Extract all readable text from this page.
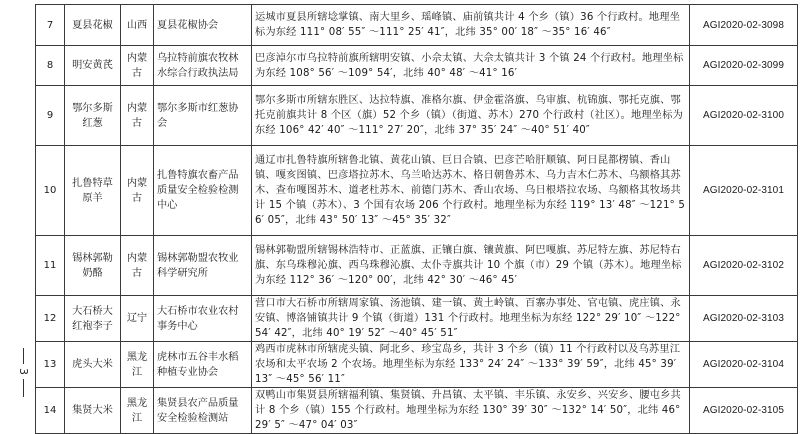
7	夏县花椒	山西	夏县花椒协会	运城市夏县所辖埝掌镇、南大里乡、瑶峰镇、庙前镇共计 4 个乡（镇）36 个行政村。地理坐标为东经 111° 08′ 55″ ～111° 25′ 41″，北纬 35° 00′ 18″ ～35° 16′ 46″	AGI2020-02-3098
8	明安黄芪	内蒙古	乌拉特前旗农牧林水综合行政执法局	巴彦淖尔市乌拉特前旗所辖明安镇、小佘太镇、大佘太镇共计 3 个镇 24 个行政村。地理坐标为东经 108° 56′ ～109° 54′，北纬 40° 48′ ～41° 16′	AGI2020-02-3099
9	鄂尔多斯红葱	内蒙古	鄂尔多斯市红葱协会	鄂尔多斯市所辖东胜区、达拉特旗、准格尔旗、伊金霍洛旗、乌审旗、杭锦旗、鄂托克旗、鄂托克前旗共计 8 个区（旗）52 个乡（镇）（街道、苏木）270 个行政村（社区）。地理坐标为东经 106° 42′ 40″ ～111° 27′ 20″，北纬 37° 35′ 24″ ～40° 51′ 40″	AGI2020-02-3100
10	扎鲁特草原羊	内蒙古	扎鲁特旗农畜产品质量安全检验检测中心	通辽市扎鲁特旗所辖鲁北镇、黄花山镇、巨日合镇、巴彦芒哈肝顺镇、阿日昆都楞镇、香山镇、嘎亥图镇、巴彦塔拉苏木、乌兰哈达苏木、格日朝鲁苏木、乌力吉木仁苏木、乌额格其苏木、查布嘎图苏木、道老杜苏木、前德门苏木、香山农场、乌日根塔拉农场、乌额格其牧场共计 15 个镇（苏木）、3 个国有农场 206 个行政村。地理坐标为东经 119° 13′ 48″ ～121° 56′ 05″，北纬 43° 50′ 13″ ～45° 35′ 32″	AGI2020-02-3101
11	锡林郭勒奶酪	内蒙古	锡林郭勒盟农牧业科学研究所	锡林郭勒盟所辖锡林浩特市、正蓝旗、正镶白旗、镶黄旗、阿巴嘎旗、苏尼特左旗、苏尼特右旗、东乌珠穆沁旗、西乌珠穆沁旗、太仆寺旗共计 10 个旗（市）29 个镇（苏木）。地理坐标为东经 112° 36′ ～120° 00′，北纬 42° 30′ ～46° 45′	AGI2020-02-3102
12	大石桥大红袍李子	辽宁	大石桥市农业农村事务中心	营口市大石桥市所辖周家镇、汤池镇、建一镇、黄土岭镇、百寨办事处、官屯镇、虎庄镇、永安镇、博洛铺镇共计 9 个镇（街道）131 个行政村。地理坐标为东经 122° 29′ 10″ ～122° 54′ 42″，北纬 40° 19′ 52″ ～40° 45′ 51″	AGI2020-02-3103
13	虎头大米	黑龙江	虎林市五谷丰水稻种植专业协会	鸡西市虎林市所辖虎头镇、阿北乡、珍宝岛乡，共计 3 个乡（镇）11 个行政村以及乌苏里江农场和太平农场 2 个农场。地理坐标为东经 133° 24′ 24″ ～133° 39′ 59″，北纬 45° 39′ 13″ ～45° 56′ 11″	AGI2020-02-3104
14	集贤大米	黑龙江	集贤县农产品质量安全检验检测站	双鸭山市集贤县所辖福利镇、集贤镇、升昌镇、太平镇、丰乐镇、永安乡、兴安乡、腰屯乡共计 8 个乡（镇）155 个行政村。地理坐标为东经 130° 39′ 30″ ～132° 14′ 50″，北纬 46° 29′ 5″ ～47° 04′ 03″	AGI2020-02-3105
3
